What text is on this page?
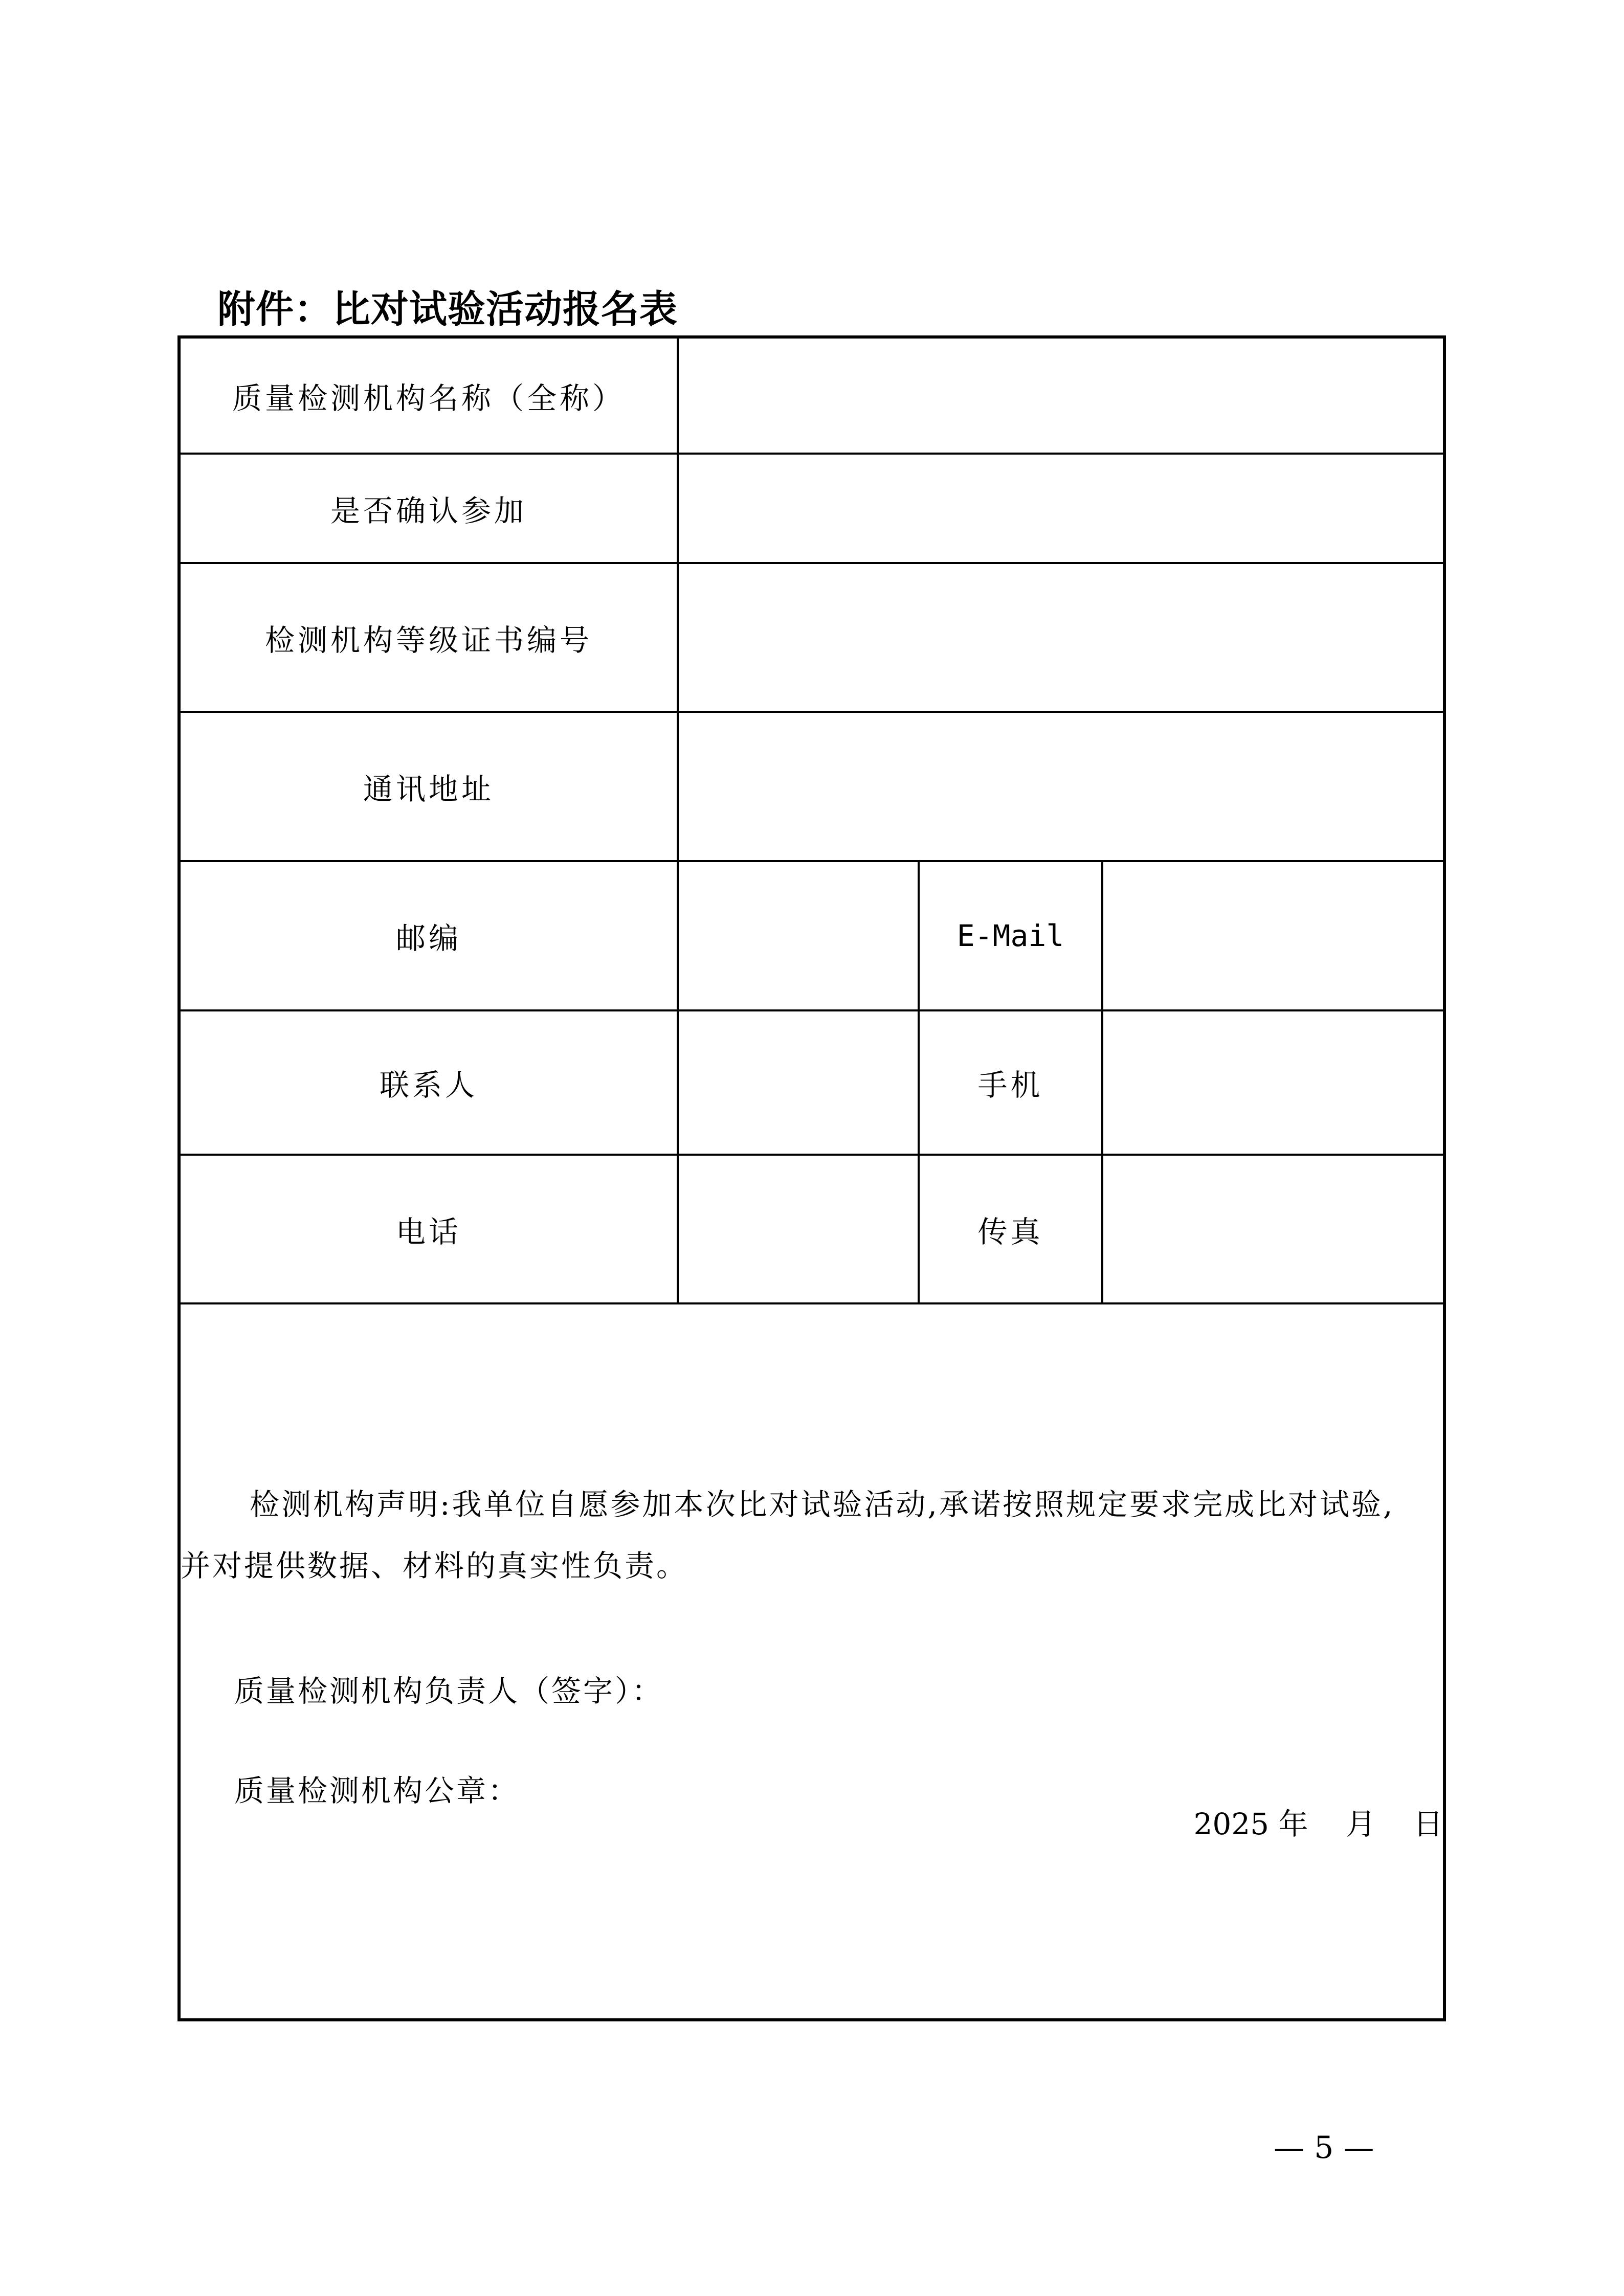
附件：比对试验活动报名表
质量检测机构名称（全称）
是否确认参加
检测机构等级证书编号
通讯地址
邮编	E-Mail
联系人	手机
电话	传真
检测机构声明:我单位自愿参加本次比对试验活动,承诺按照规定要求完成比对试验,
并对提供数据、材料的真实性负责。
质量检测机构负责人（签字）：
质量检测机构公章：
2025 年    月    日
— 5 —
